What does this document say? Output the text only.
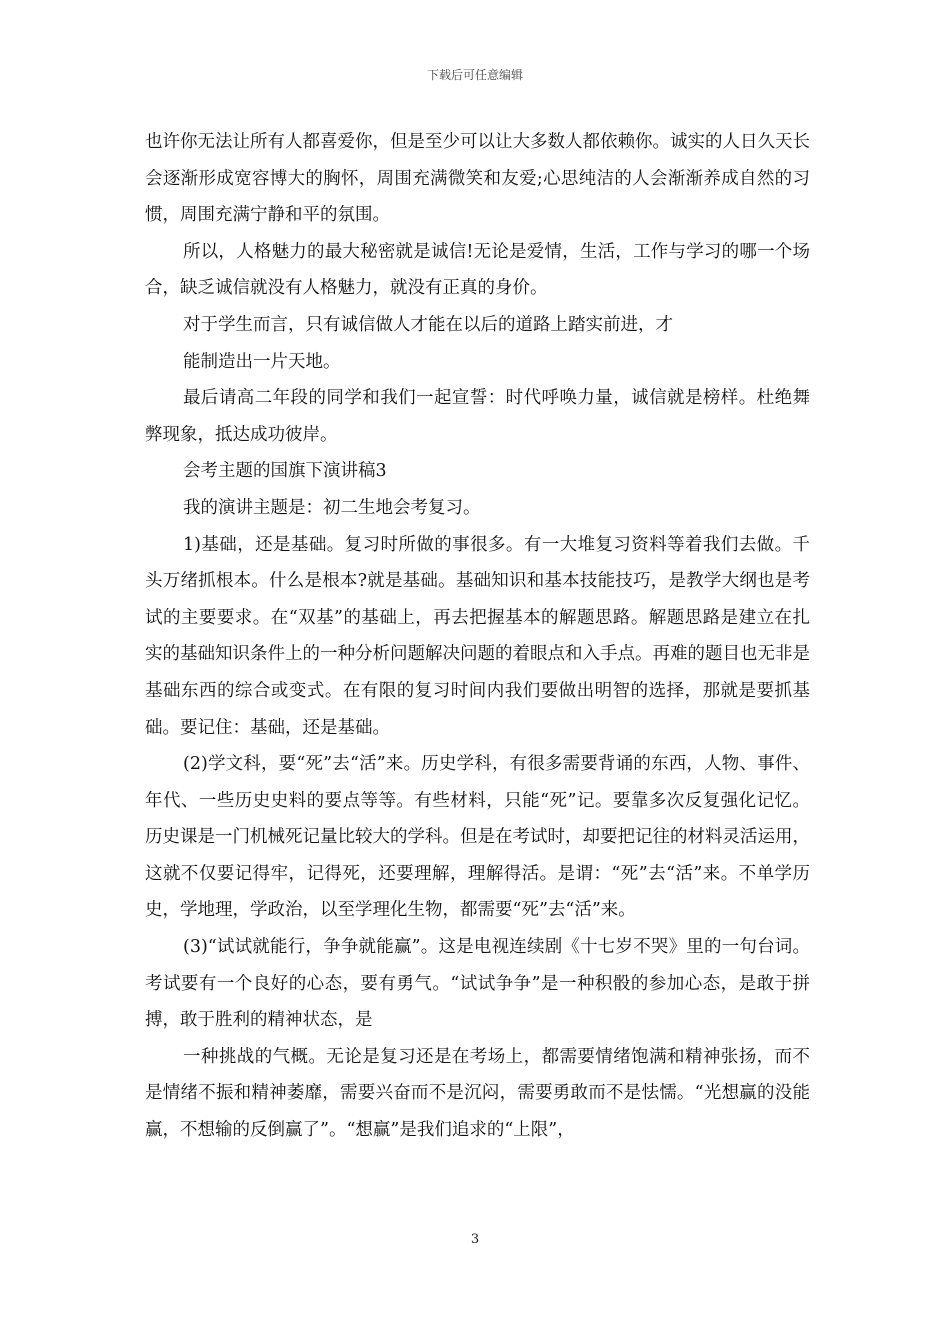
下载后可任意编辑

也许你无法让所有人都喜爱你，但是至少可以让大多数人都依赖你。诚实的人日久天长会逐渐形成宽容博大的胸怀，周围充满微笑和友爱;心思纯洁的人会渐渐养成自然的习惯，周围充满宁静和平的氛围。

所以，人格魅力的最大秘密就是诚信!无论是爱情，生活，工作与学习的哪一个场合，缺乏诚信就没有人格魅力，就没有正真的身价。

对于学生而言，只有诚信做人才能在以后的道路上踏实前进，才

能制造出一片天地。

最后请高二年段的同学和我们一起宣誓：时代呼唤力量，诚信就是榜样。杜绝舞弊现象，抵达成功彼岸。

会考主题的国旗下演讲稿3

我的演讲主题是：初二生地会考复习。

1)基础，还是基础。复习时所做的事很多。有一大堆复习资料等着我们去做。千头万绪抓根本。什么是根本?就是基础。基础知识和基本技能技巧，是教学大纲也是考试的主要要求。在“双基”的基础上，再去把握基本的解题思路。解题思路是建立在扎实的基础知识条件上的一种分析问题解决问题的着眼点和入手点。再难的题目也无非是基础东西的综合或变式。在有限的复习时间内我们要做出明智的选择，那就是要抓基础。要记住：基础，还是基础。

(2)学文科，要“死”去“活”来。历史学科，有很多需要背诵的东西，人物、事件、年代、一些历史史料的要点等等。有些材料，只能“死”记。要靠多次反复强化记忆。历史课是一门机械死记量比较大的学科。但是在考试时，却要把记往的材料灵活运用，这就不仅要记得牢，记得死，还要理解，理解得活。是谓：“死”去“活”来。不单学历史，学地理，学政治，以至学理化生物，都需要“死”去“活”来。

(3)“试试就能行，争争就能赢”。这是电视连续剧《十七岁不哭》里的一句台词。考试要有一个良好的心态，要有勇气。“试试争争”是一种积骰的参加心态，是敢于拼搏，敢于胜利的精神状态，是

一种挑战的气概。无论是复习还是在考场上，都需要情绪饱满和精神张扬，而不是情绪不振和精神萎靡，需要兴奋而不是沉闷，需要勇敢而不是怯懦。“光想赢的没能赢，不想输的反倒赢了”。“想赢”是我们追求的“上限”，

3
